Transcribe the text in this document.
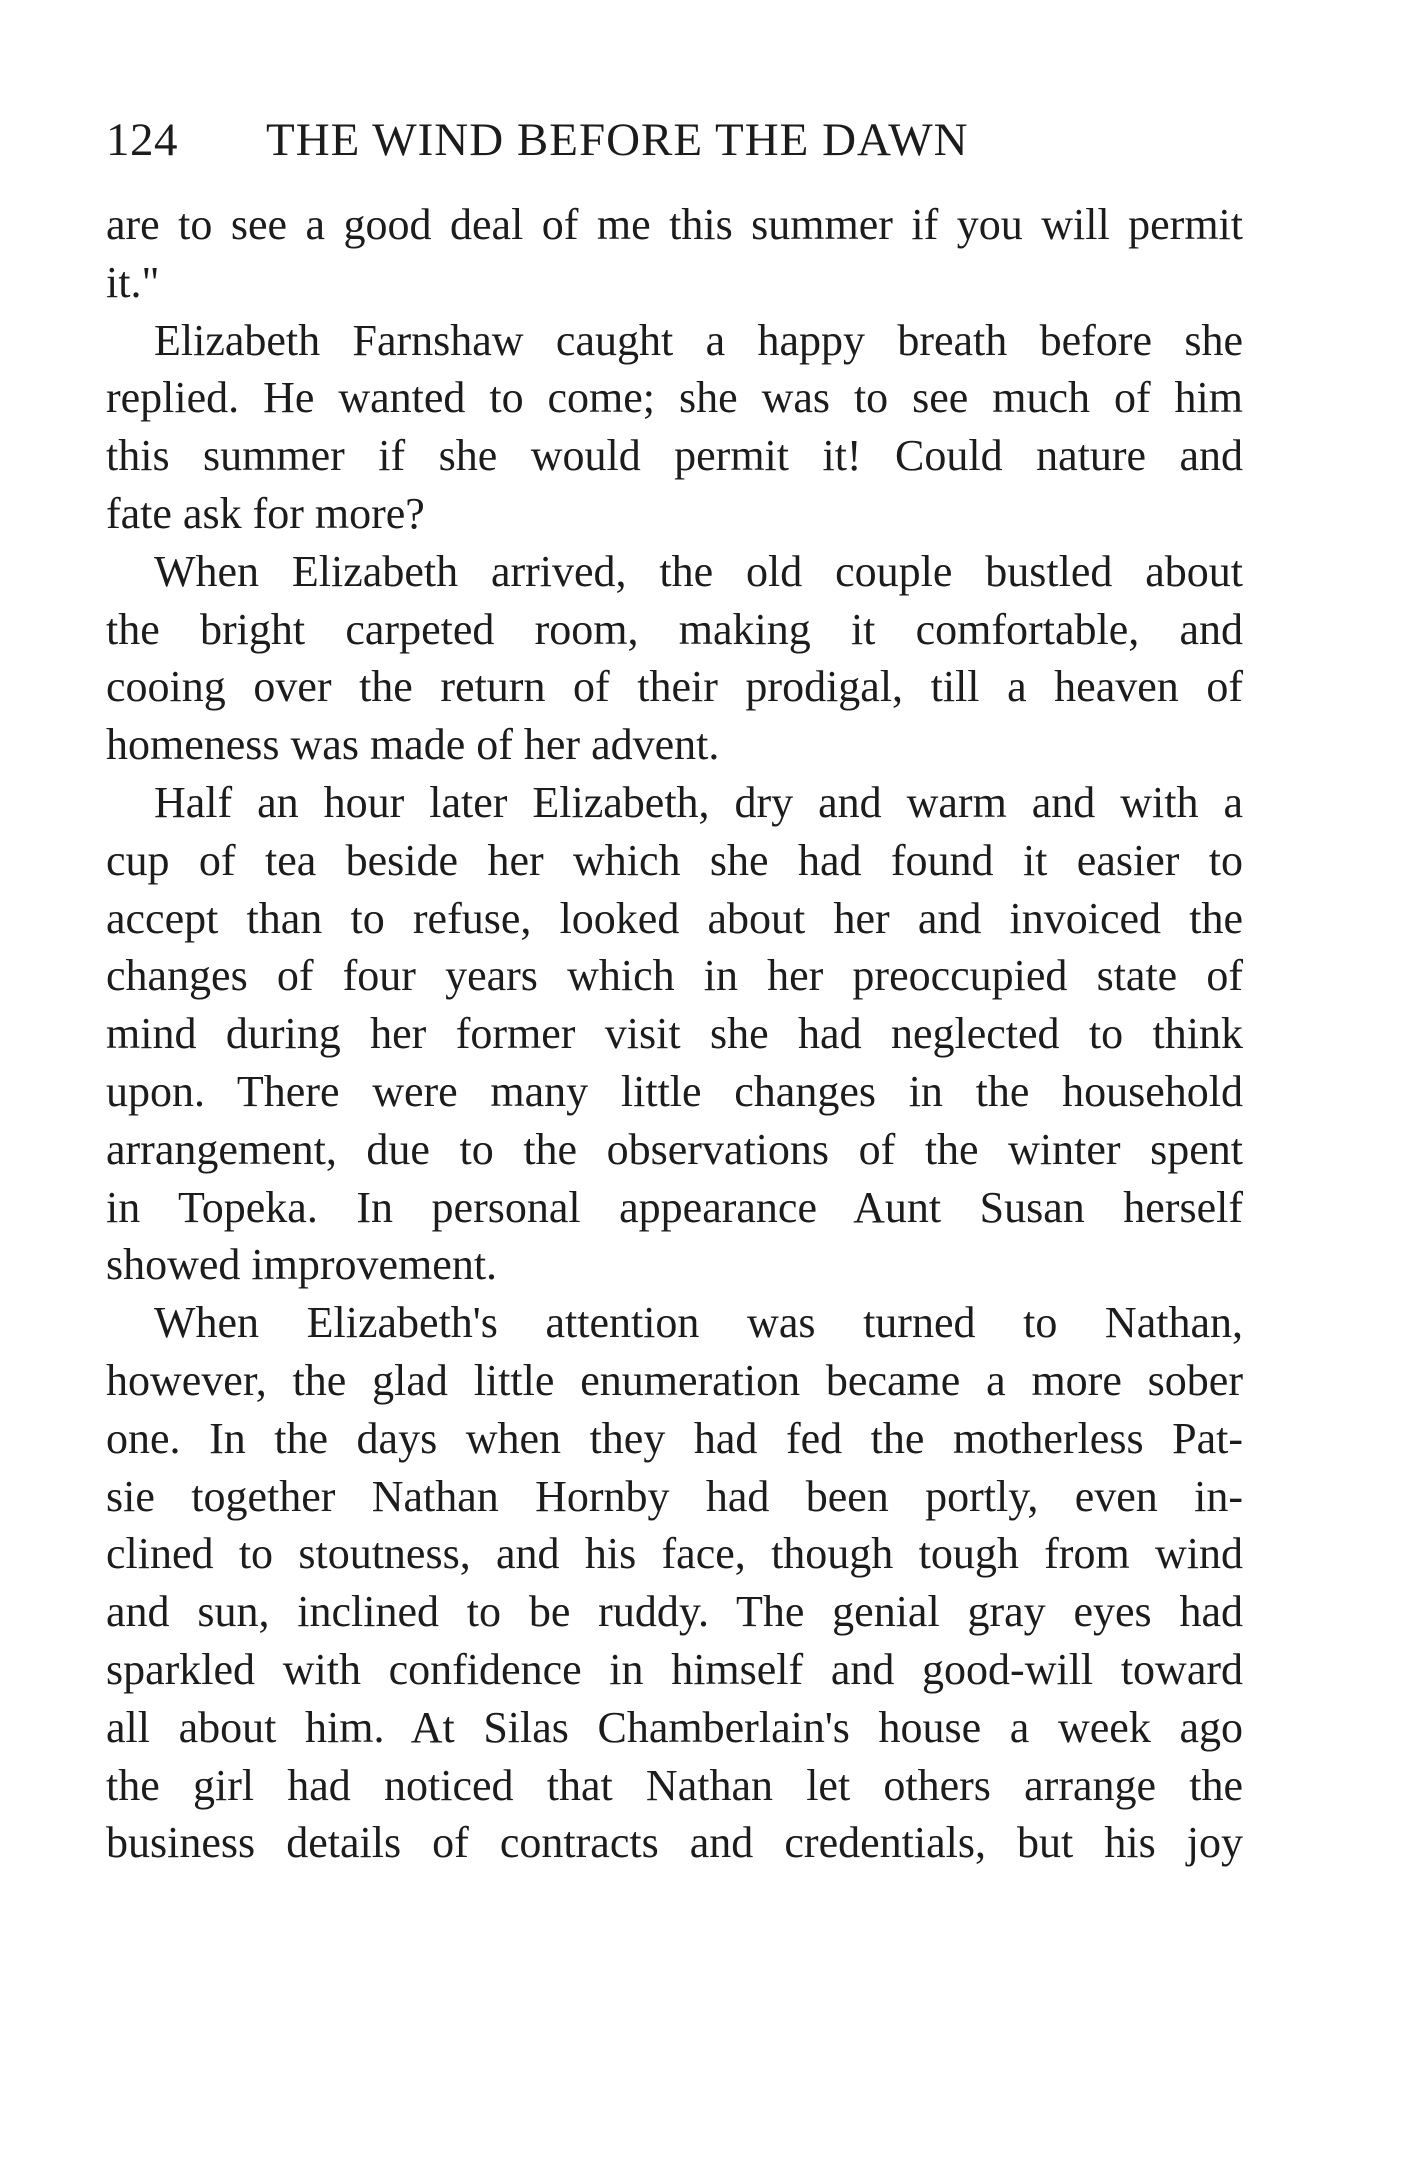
124 THE WIND BEFORE THE DAWN
are to see a good deal of me this summer if you will permit
it."
Elizabeth Farnshaw caught a happy breath before she
replied. He wanted to come; she was to see much of him
this summer if she would permit it! Could nature and
fate ask for more?
When Elizabeth arrived, the old couple bustled about
the bright carpeted room, making it comfortable, and
cooing over the return of their prodigal, till a heaven of
homeness was made of her advent.
Half an hour later Elizabeth, dry and warm and with a
cup of tea beside her which she had found it easier to
accept than to refuse, looked about her and invoiced the
changes of four years which in her preoccupied state of
mind during her former visit she had neglected to think
upon. There were many little changes in the household
arrangement, due to the observations of the winter spent
in Topeka. In personal appearance Aunt Susan herself
showed improvement.
When Elizabeth's attention was turned to Nathan,
however, the glad little enumeration became a more sober
one. In the days when they had fed the motherless Pat-
sie together Nathan Hornby had been portly, even in-
clined to stoutness, and his face, though tough from wind
and sun, inclined to be ruddy. The genial gray eyes had
sparkled with confidence in himself and good-will toward
all about him. At Silas Chamberlain's house a week ago
the girl had noticed that Nathan let others arrange the
business details of contracts and credentials, but his joy
